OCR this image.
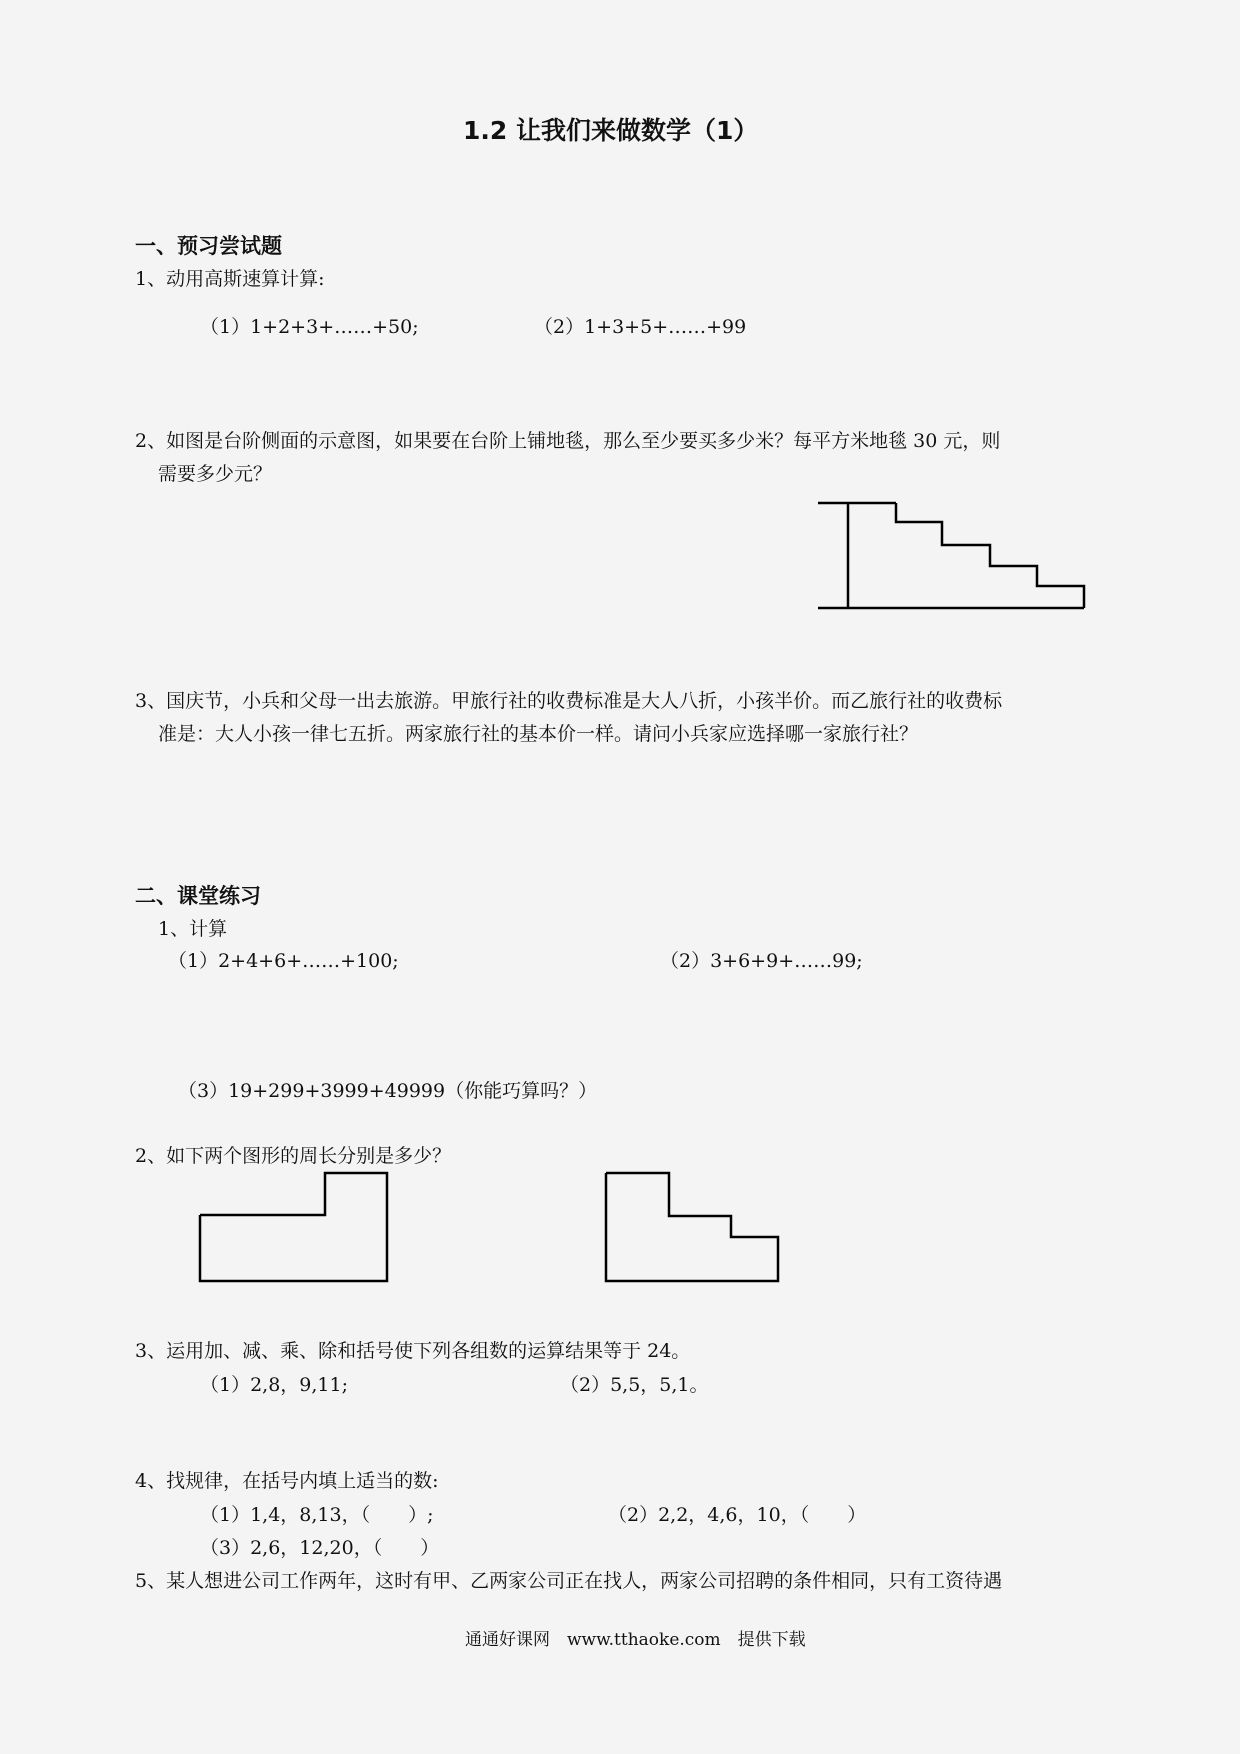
1.2 让我们来做数学（1）
一、预习尝试题
1、动用高斯速算计算:
（1）1+2+3+……+50;	（2）1+3+5+……+99
2、如图是台阶侧面的示意图，如果要在台阶上铺地毯，那么至少要买多少米？每平方米地毯 30 元，则
需要多少元？
3、国庆节，小兵和父母一出去旅游。甲旅行社的收费标准是大人八折，小孩半价。而乙旅行社的收费标
准是：大人小孩一律七五折。两家旅行社的基本价一样。请问小兵家应选择哪一家旅行社？
二、课堂练习
1、计算
（1）2+4+6+……+100;	（2）3+6+9+……99;
（3）19+299+3999+49999（你能巧算吗？）
2、如下两个图形的周长分别是多少？
3、运用加、减、乘、除和括号使下列各组数的运算结果等于 24。
（1）2,8，9,11;	（2）5,5，5,1。
4、找规律，在括号内填上适当的数:
（1）1,4，8,13，（　　）;	（2）2,2，4,6，10，（　　）
（3）2,6，12,20，（　　）
5、某人想进公司工作两年，这时有甲、乙两家公司正在找人，两家公司招聘的条件相同，只有工资待遇
通通好课网　www.tthaoke.com　提供下载
